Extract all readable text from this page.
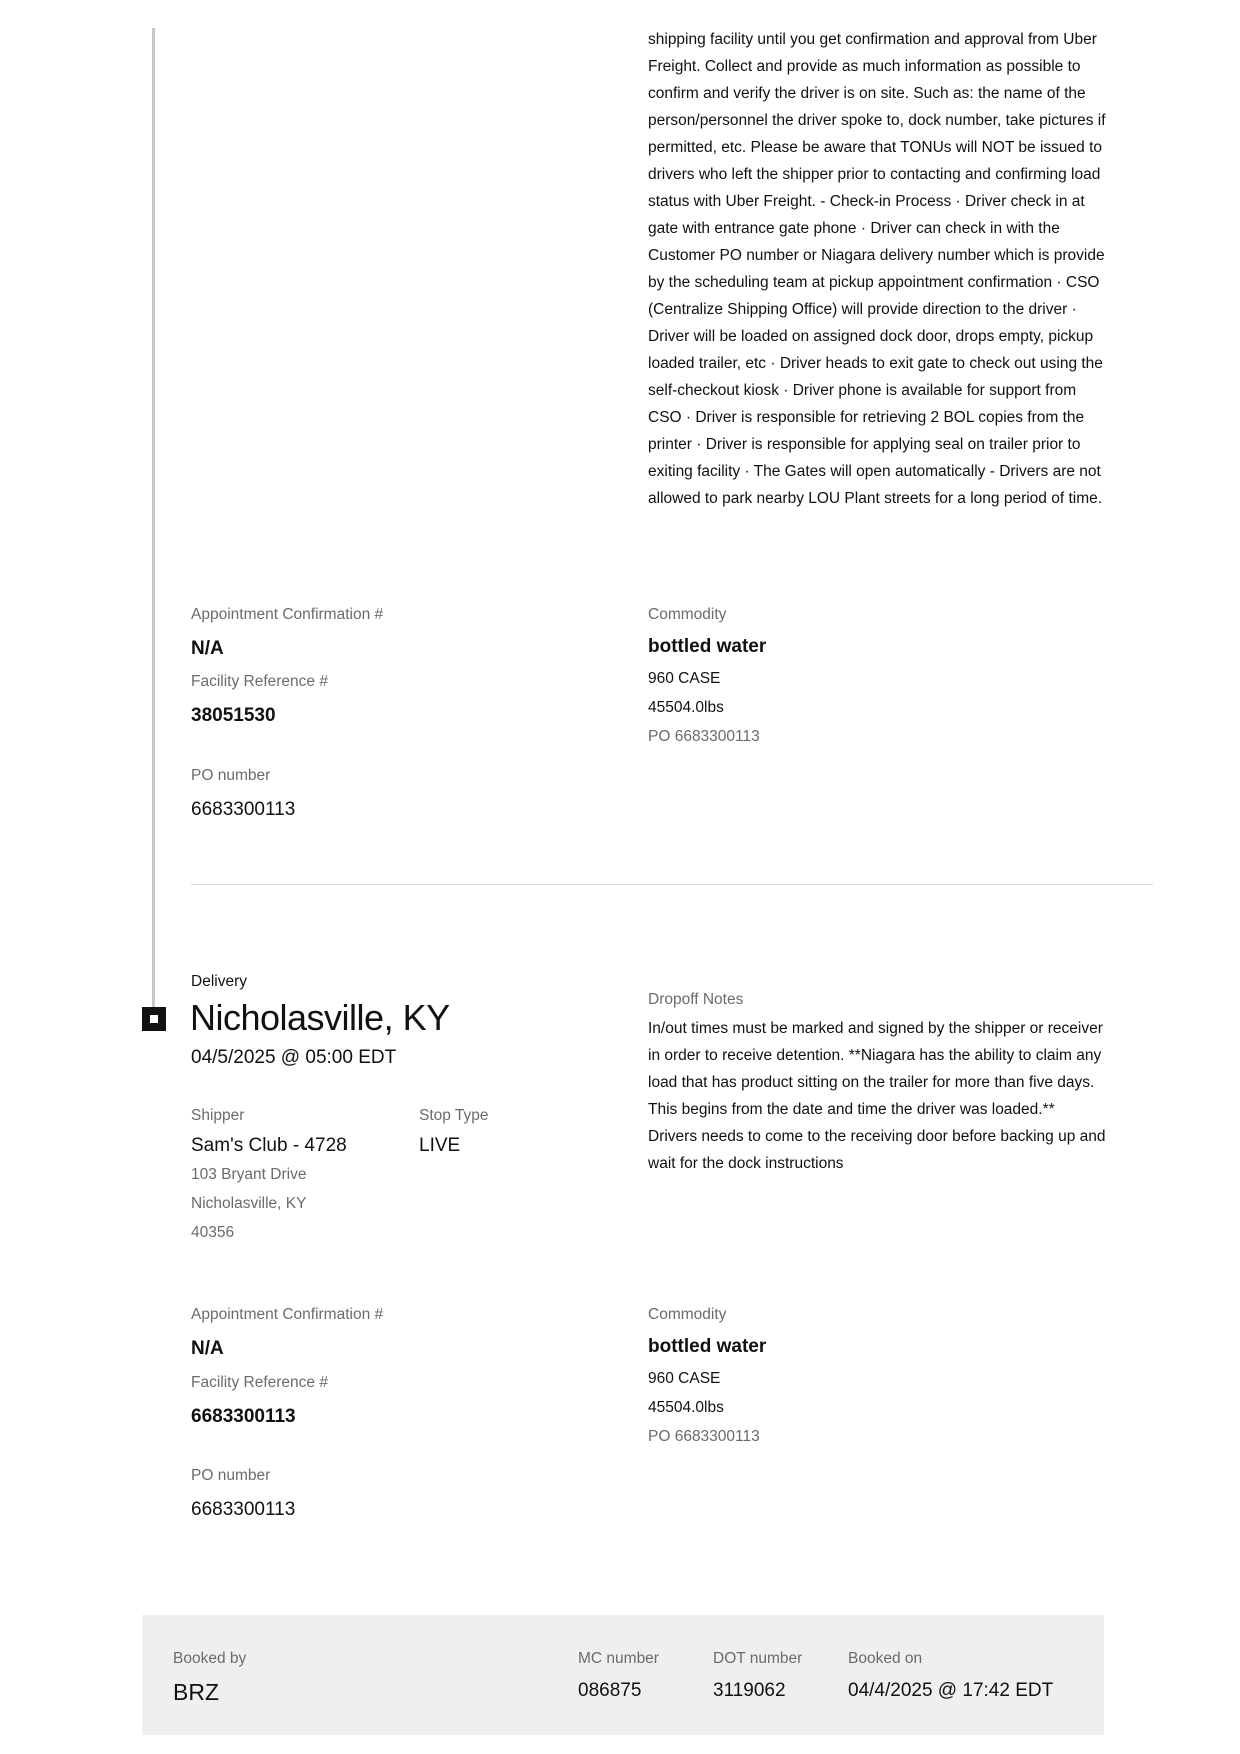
shipping facility until you get confirmation and approval from Uber Freight. Collect and provide as much information as possible to confirm and verify the driver is on site. Such as: the name of the person/personnel the driver spoke to, dock number, take pictures if permitted, etc. Please be aware that TONUs will NOT be issued to drivers who left the shipper prior to contacting and confirming load status with Uber Freight. - Check-in Process · Driver check in at gate with entrance gate phone · Driver can check in with the Customer PO number or Niagara delivery number which is provide by the scheduling team at pickup appointment confirmation · CSO (Centralize Shipping Office) will provide direction to the driver · Driver will be loaded on assigned dock door, drops empty, pickup loaded trailer, etc · Driver heads to exit gate to check out using the self-checkout kiosk · Driver phone is available for support from CSO · Driver is responsible for retrieving 2 BOL copies from the printer · Driver is responsible for applying seal on trailer prior to exiting facility · The Gates will open automatically - Drivers are not allowed to park nearby LOU Plant streets for a long period of time.
Appointment Confirmation #
N/A
Facility Reference #
38051530
PO number
6683300113
Commodity
bottled water
960 CASE
45504.0lbs
PO 6683300113
Delivery
Nicholasville, KY
04/5/2025 @ 05:00 EDT
Shipper
Sam's Club - 4728
103 Bryant Drive
Nicholasville, KY
40356
Stop Type
LIVE
Dropoff Notes
In/out times must be marked and signed by the shipper or receiver in order to receive detention. **Niagara has the ability to claim any load that has product sitting on the trailer for more than five days. This begins from the date and time the driver was loaded.** Drivers needs to come to the receiving door before backing up and wait for the dock instructions
Appointment Confirmation #
N/A
Facility Reference #
6683300113
PO number
6683300113
Commodity
bottled water
960 CASE
45504.0lbs
PO 6683300113
Booked by
BRZ
MC number
086875
DOT number
3119062
Booked on
04/4/2025 @ 17:42 EDT
